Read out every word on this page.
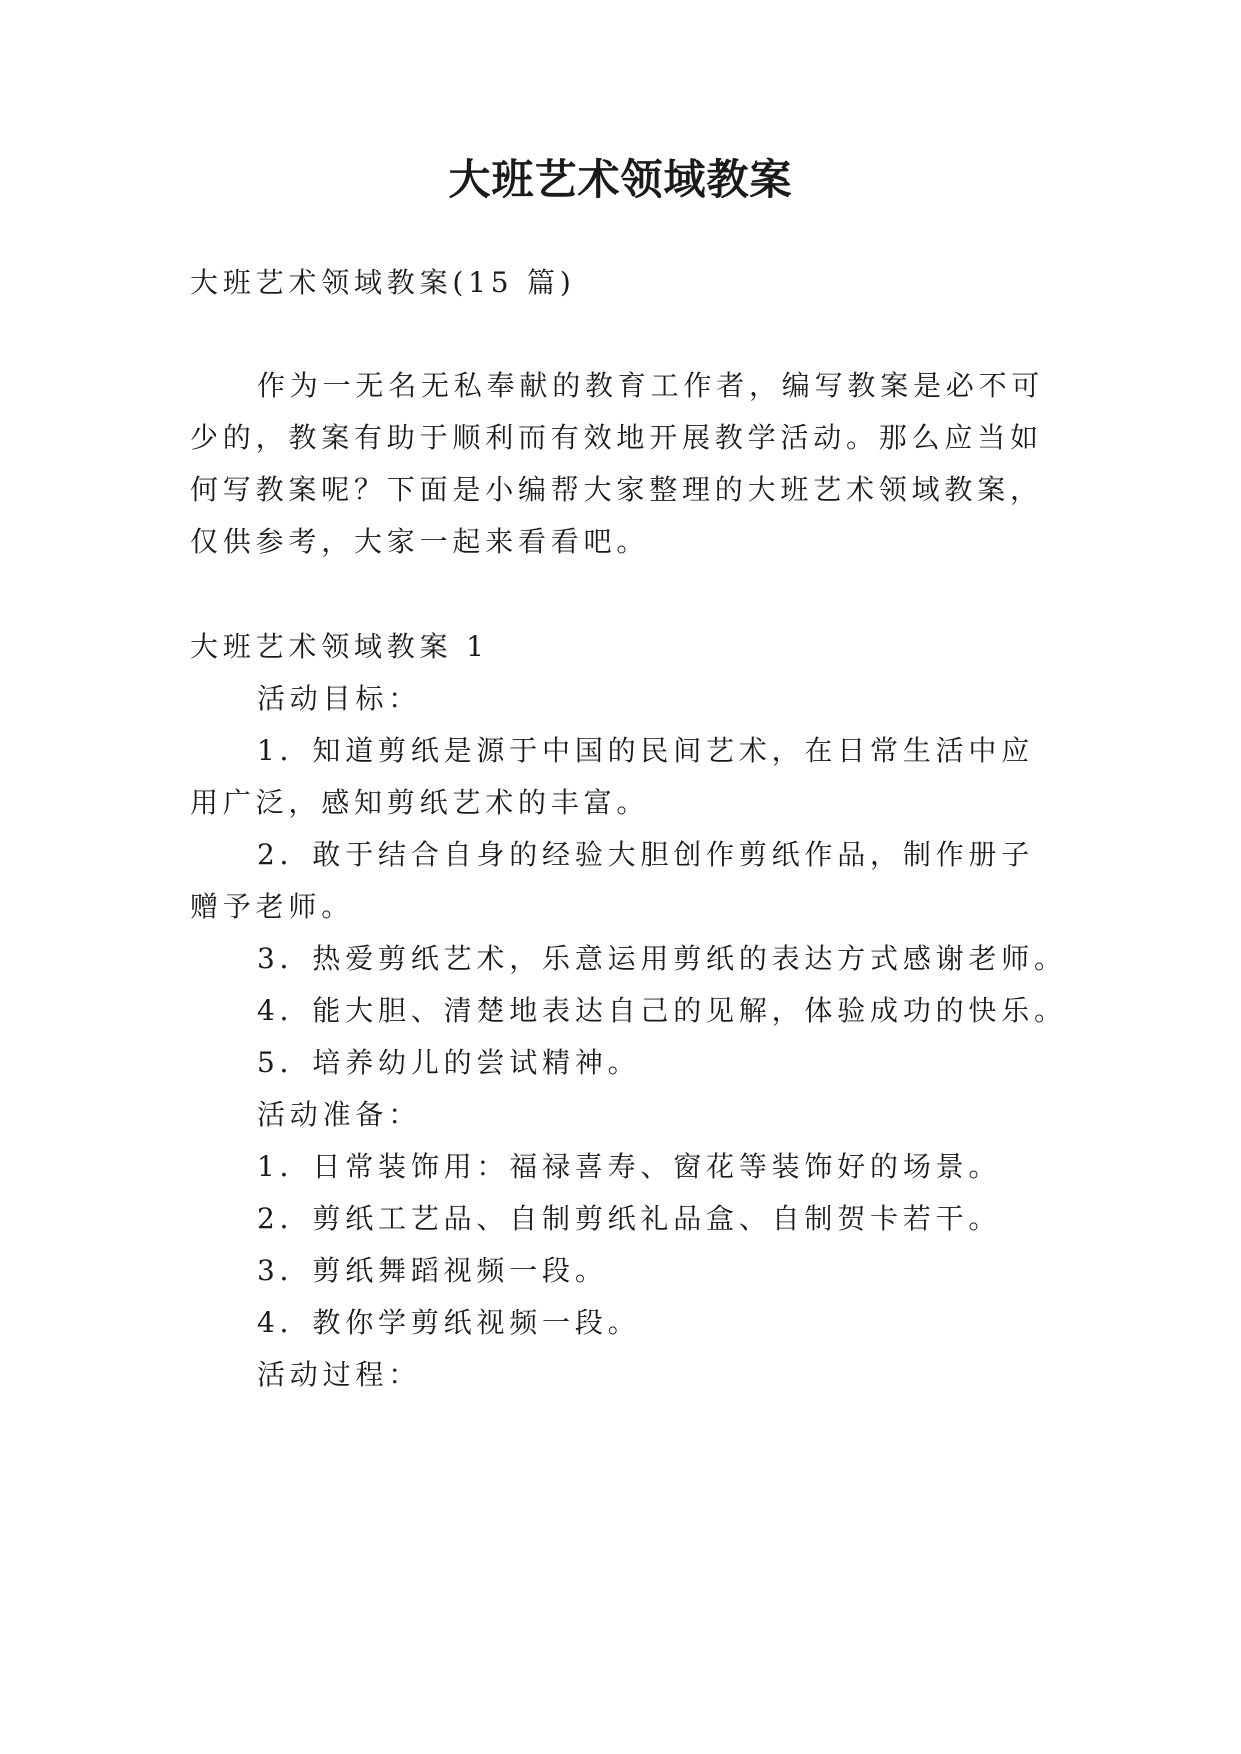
大班艺术领域教案

大班艺术领域教案(15 篇)

作为一无名无私奉献的教育工作者，编写教案是必不可

少的，教案有助于顺利而有效地开展教学活动。那么应当如

何写教案呢？下面是小编帮大家整理的大班艺术领域教案，

仅供参考，大家一起来看看吧。

大班艺术领域教案 1

活动目标：

1．知道剪纸是源于中国的民间艺术，在日常生活中应

用广泛，感知剪纸艺术的丰富。

2．敢于结合自身的经验大胆创作剪纸作品，制作册子

赠予老师。

3．热爱剪纸艺术，乐意运用剪纸的表达方式感谢老师。

4．能大胆、清楚地表达自己的见解，体验成功的快乐。

5．培养幼儿的尝试精神。

活动准备：

1．日常装饰用：福禄喜寿、窗花等装饰好的场景。

2．剪纸工艺品、自制剪纸礼品盒、自制贺卡若干。

3．剪纸舞蹈视频一段。

4．教你学剪纸视频一段。

活动过程：
